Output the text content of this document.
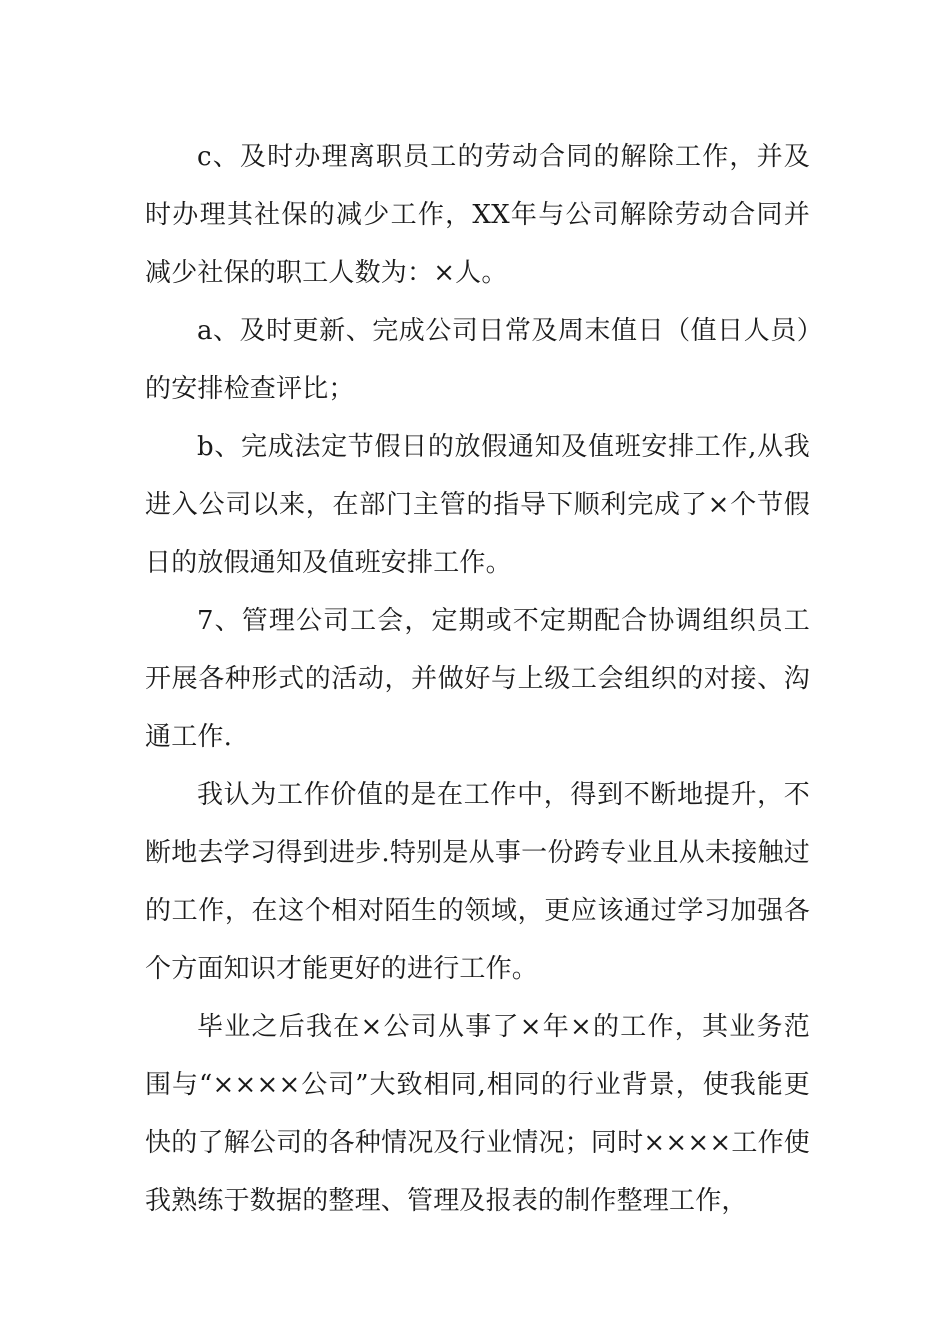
c、及时办理离职员工的劳动合同的解除工作，并及时办理其社保的减少工作，XX年与公司解除劳动合同并减少社保的职工人数为：×人。

a、及时更新、完成公司日常及周末值日（值日人员）的安排检查评比；

b、完成法定节假日的放假通知及值班安排工作,从我进入公司以来，在部门主管的指导下顺利完成了×个节假日的放假通知及值班安排工作。

7、管理公司工会，定期或不定期配合协调组织员工开展各种形式的活动，并做好与上级工会组织的对接、沟通工作.

我认为工作价值的是在工作中，得到不断地提升，不断地去学习得到进步.特别是从事一份跨专业且从未接触过的工作，在这个相对陌生的领域，更应该通过学习加强各个方面知识才能更好的进行工作。

毕业之后我在×公司从事了×年×的工作，其业务范围与“××××公司”大致相同,相同的行业背景，使我能更快的了解公司的各种情况及行业情况；同时××××工作使我熟练于数据的整理、管理及报表的制作整理工作，
